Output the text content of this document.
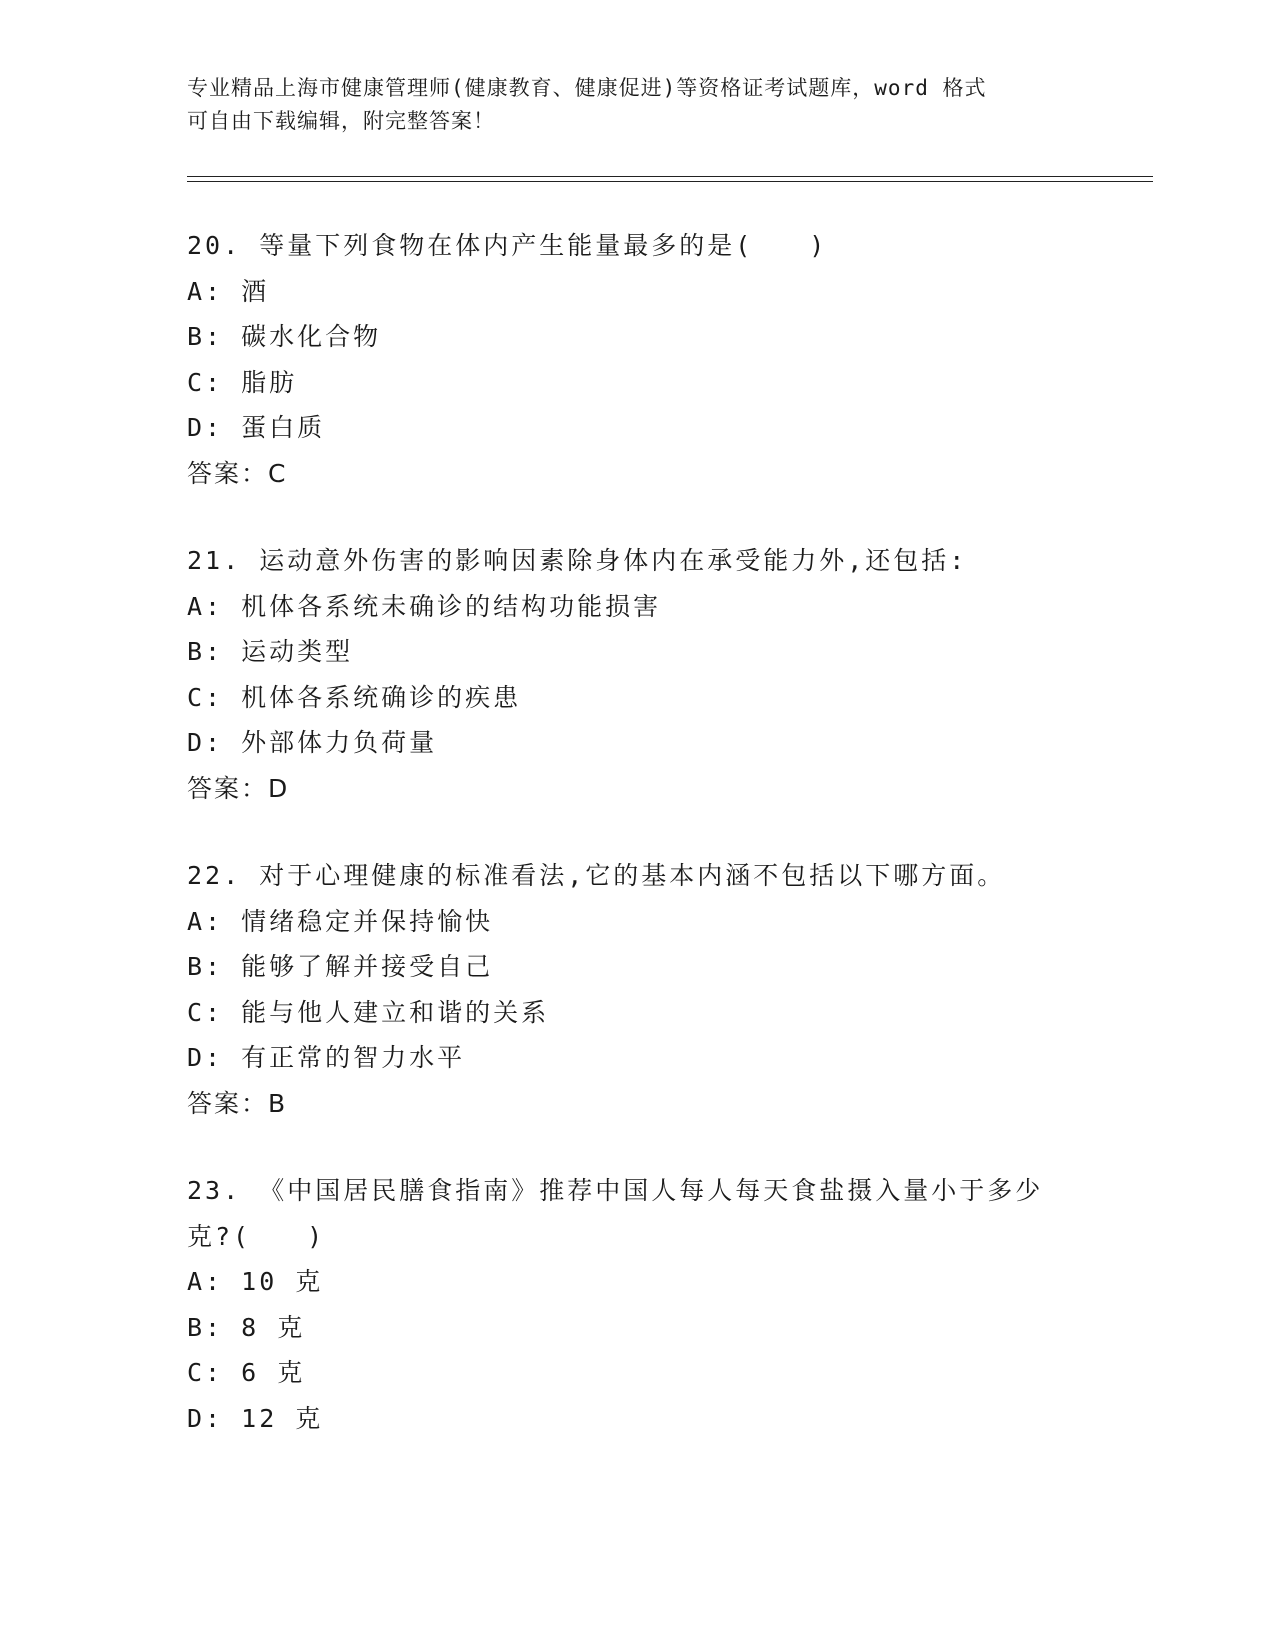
专业精品上海市健康管理师(健康教育、健康促进)等资格证考试题库，word 格式
可自由下载编辑，附完整答案！
20. 等量下列食物在体内产生能量最多的是(　　)
A: 酒
B: 碳水化合物
C: 脂肪
D: 蛋白质
答案：C
21. 运动意外伤害的影响因素除身体内在承受能力外,还包括:
A: 机体各系统未确诊的结构功能损害
B: 运动类型
C: 机体各系统确诊的疾患
D: 外部体力负荷量
答案：D
22. 对于心理健康的标准看法,它的基本内涵不包括以下哪方面。
A: 情绪稳定并保持愉快
B: 能够了解并接受自己
C: 能与他人建立和谐的关系
D: 有正常的智力水平
答案：B
23. 《中国居民膳食指南》推荐中国人每人每天食盐摄入量小于多少
克?(　　)
A: 10 克
B: 8 克
C: 6 克
D: 12 克
